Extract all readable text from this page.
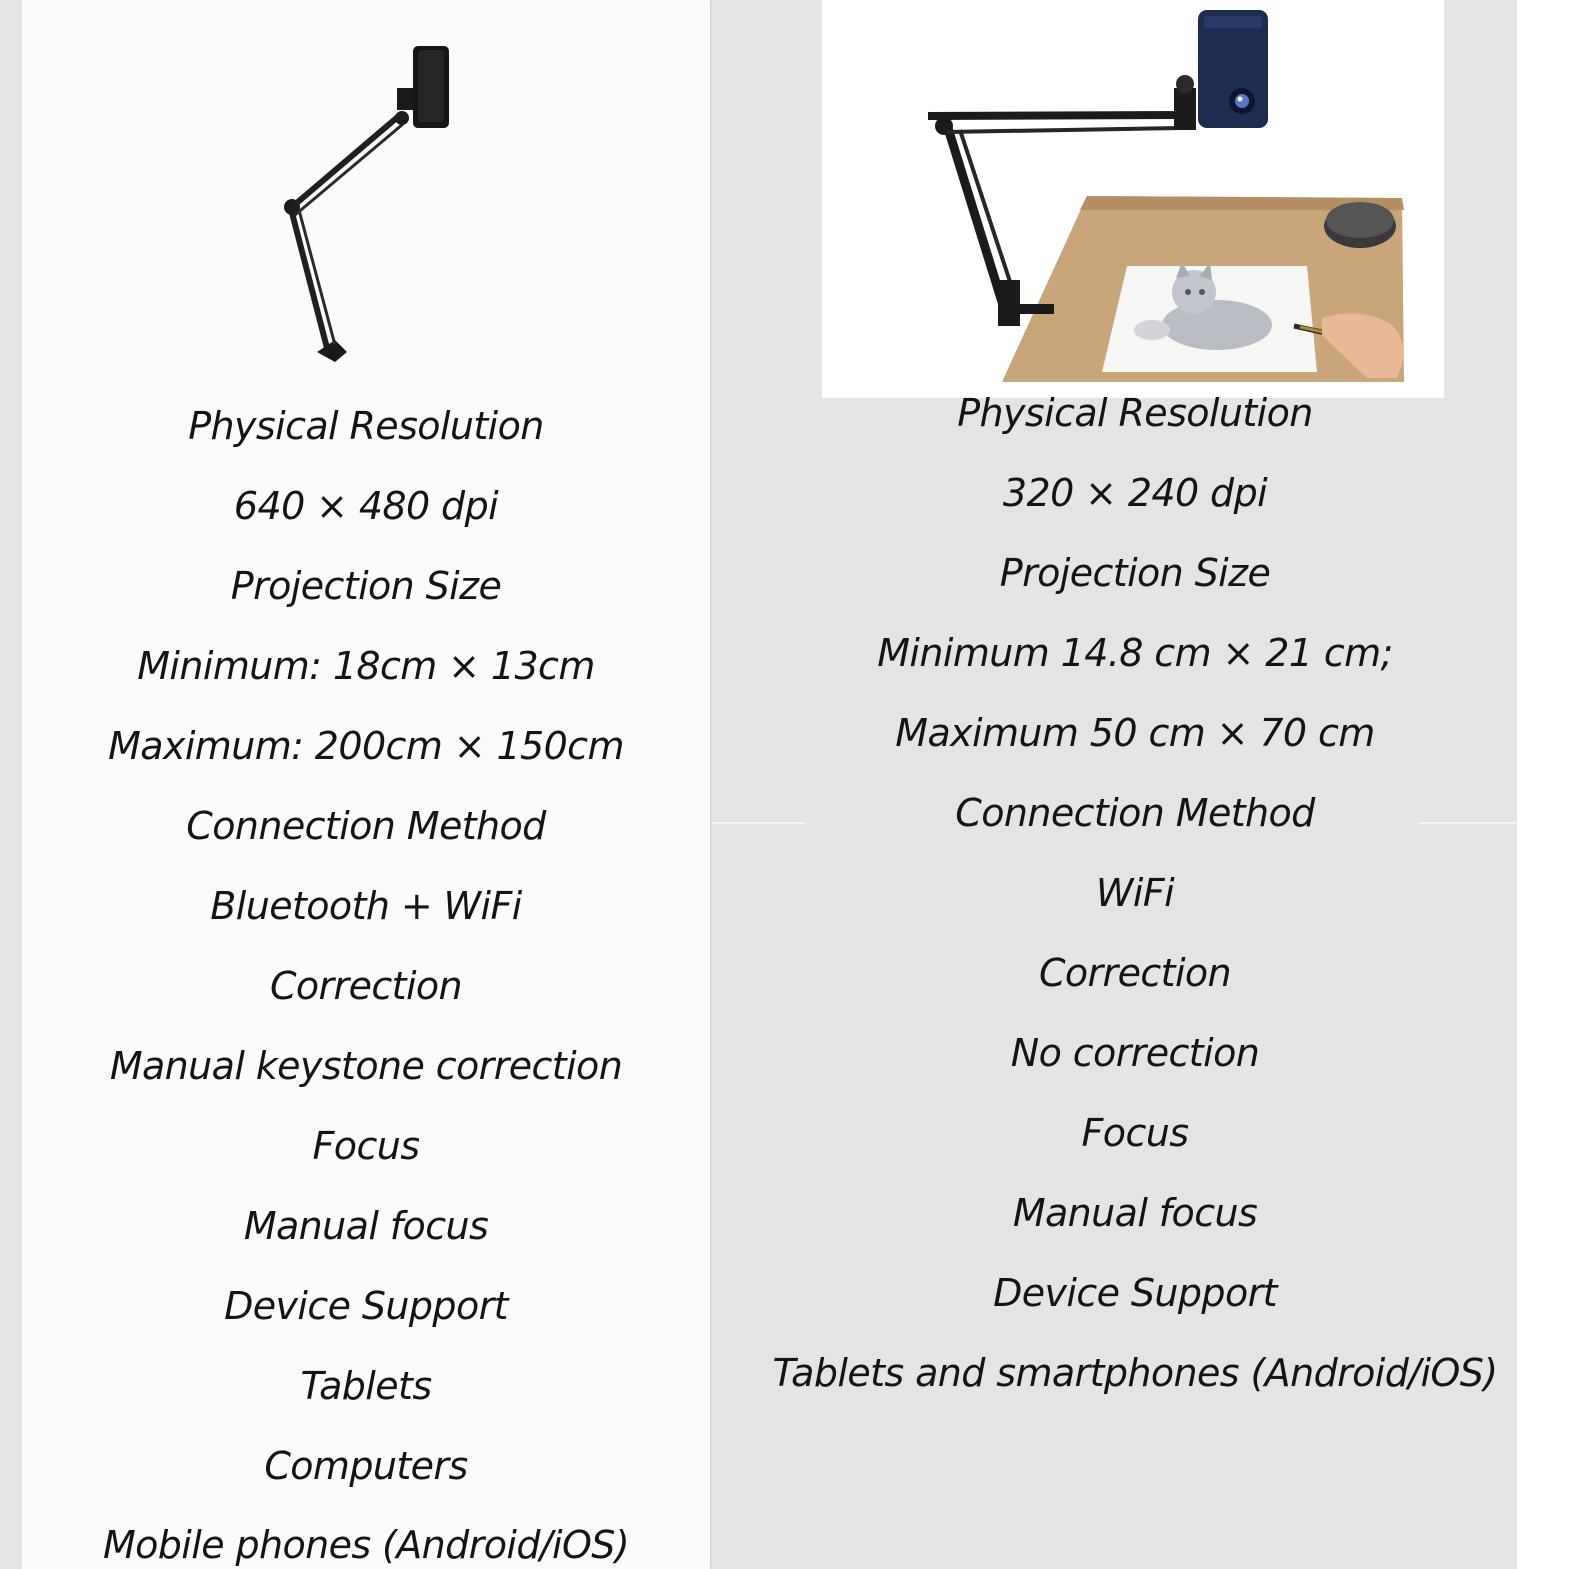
Physical Resolution

640 × 480 dpi

Projection Size

Minimum: 18cm × 13cm

Maximum: 200cm × 150cm

Connection Method

Bluetooth + WiFi

Correction

Manual keystone correction

Focus

Manual focus

Device Support

Tablets

Computers

Mobile phones (Android/iOS)

Physical Resolution

320 × 240 dpi

Projection Size

Minimum 14.8 cm × 21 cm;

Maximum 50 cm × 70 cm

Connection Method

WiFi

Correction

No correction

Focus

Manual focus

Device Support

Tablets and smartphones (Android/iOS)
